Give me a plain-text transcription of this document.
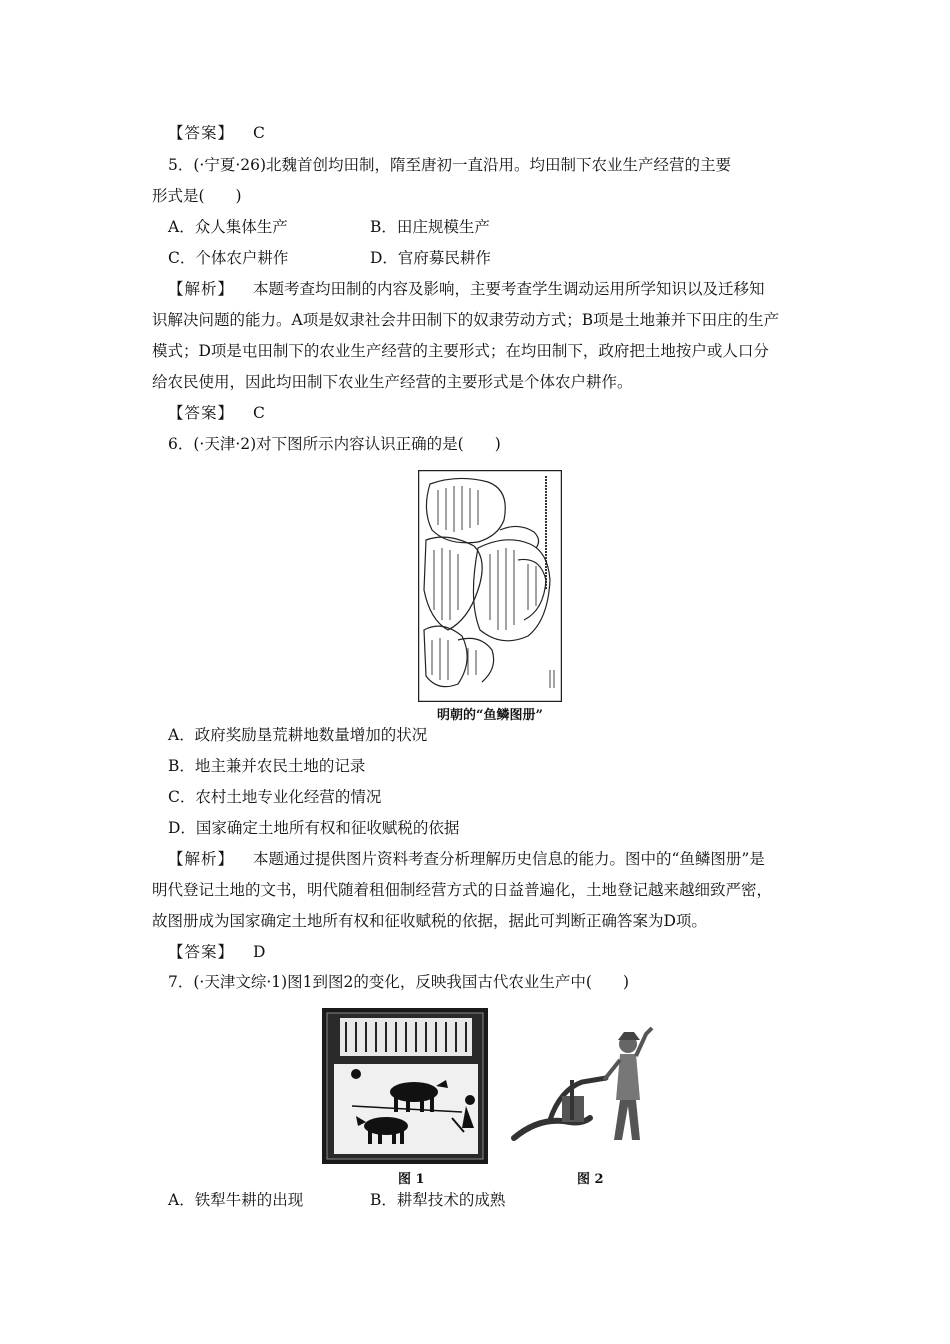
【答案】 C
5．(·宁夏·26)北魏首创均田制，隋至唐初一直沿用。均田制下农业生产经营的主要
形式是(　　)
A．众人集体生产	B．田庄规模生产
C．个体农户耕作	D．官府募民耕作
【解析】 本题考查均田制的内容及影响，主要考查学生调动运用所学知识以及迁移知
识解决问题的能力。A项是奴隶社会井田制下的奴隶劳动方式；B项是土地兼并下田庄的生产
模式；D项是屯田制下的农业生产经营的主要形式；在均田制下，政府把土地按户或人口分
给农民使用，因此均田制下农业生产经营的主要形式是个体农户耕作。
【答案】 C
6．(·天津·2)对下图所示内容认识正确的是(　　)
明朝的“鱼鳞图册”
A．政府奖励垦荒耕地数量增加的状况
B．地主兼并农民土地的记录
C．农村土地专业化经营的情况
D．国家确定土地所有权和征收赋税的依据
【解析】 本题通过提供图片资料考查分析理解历史信息的能力。图中的“鱼鳞图册”是
明代登记土地的文书，明代随着租佃制经营方式的日益普遍化，土地登记越来越细致严密，
故图册成为国家确定土地所有权和征收赋税的依据，据此可判断正确答案为D项。
【答案】 D
7．(·天津文综·1)图1到图2的变化，反映我国古代农业生产中(　　)
图 1	图 2
A．铁犁牛耕的出现	B．耕犁技术的成熟
